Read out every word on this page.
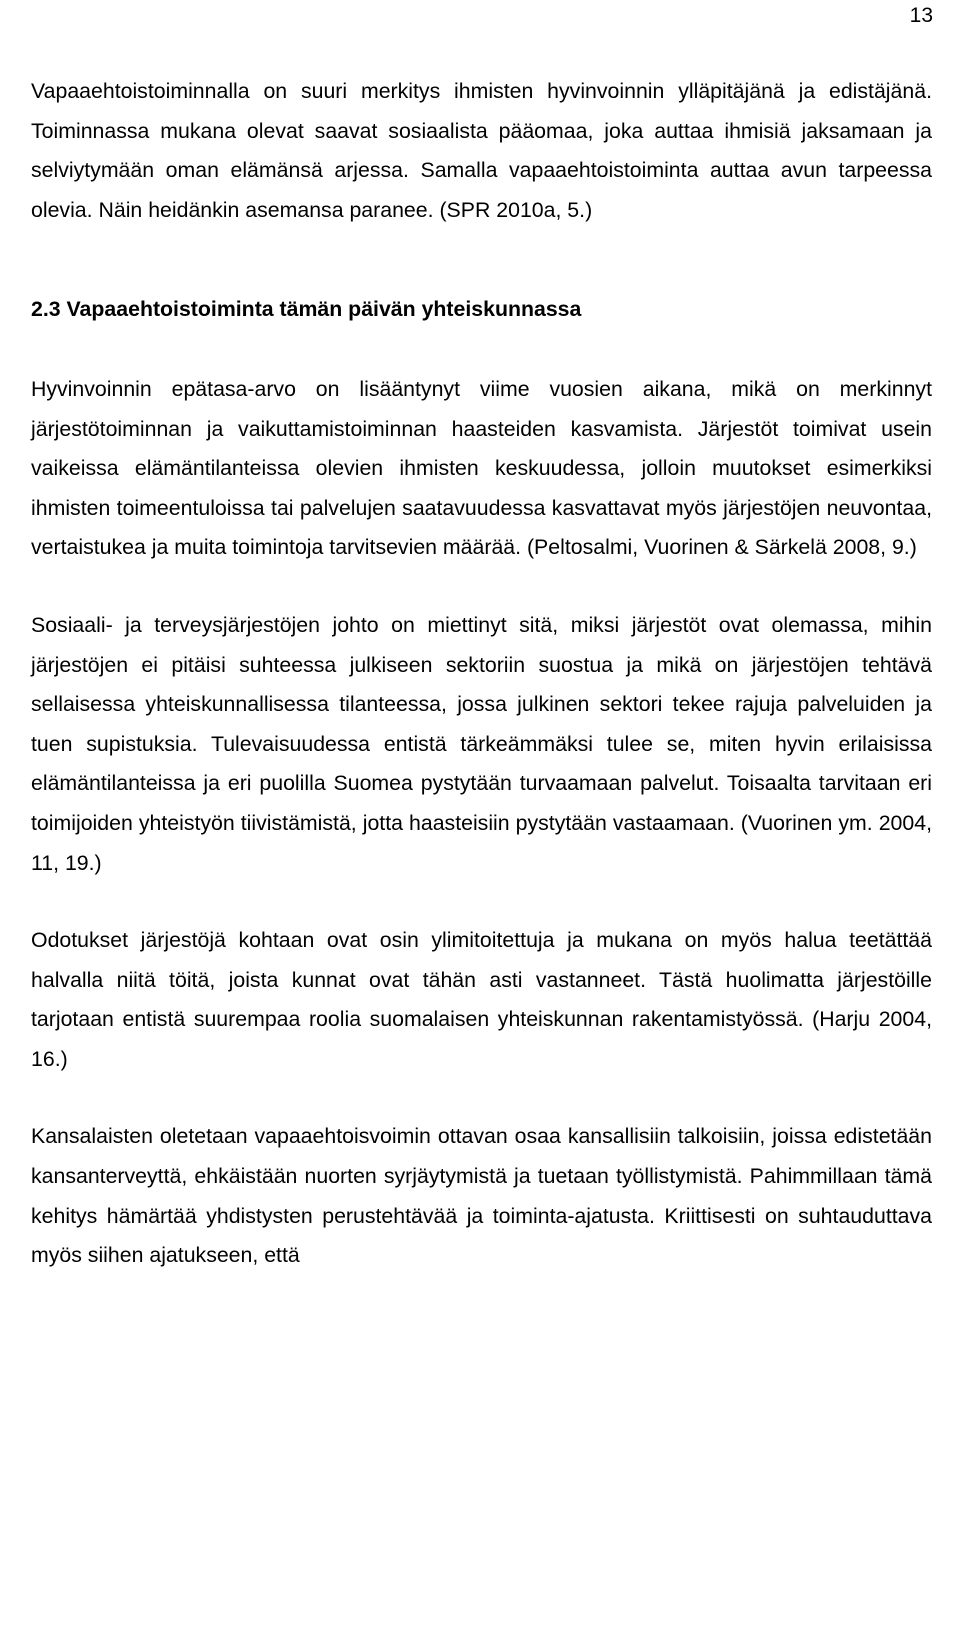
13

Vapaaehtoistoiminnalla on suuri merkitys ihmisten hyvinvoinnin ylläpitäjänä ja edistäjänä. Toiminnassa mukana olevat saavat sosiaalista pääomaa, joka auttaa ihmisiä jaksamaan ja selviytymään oman elämänsä arjessa. Samalla vapaaehtoistoiminta auttaa avun tarpeessa olevia. Näin heidänkin asemansa paranee. (SPR 2010a, 5.)

2.3 Vapaaehtoistoiminta tämän päivän yhteiskunnassa

Hyvinvoinnin epätasa-arvo on lisääntynyt viime vuosien aikana, mikä on merkinnyt järjestötoiminnan ja vaikuttamistoiminnan haasteiden kasvamista. Järjestöt toimivat usein vaikeissa elämäntilanteissa olevien ihmisten keskuudessa, jolloin muutokset esimerkiksi ihmisten toimeentuloissa tai palvelujen saatavuudessa kasvattavat myös järjestöjen neuvontaa, vertaistukea ja muita toimintoja tarvitsevien määrää. (Peltosalmi, Vuorinen & Särkelä 2008, 9.)

Sosiaali- ja terveysjärjestöjen johto on miettinyt sitä, miksi järjestöt ovat olemassa, mihin järjestöjen ei pitäisi suhteessa julkiseen sektoriin suostua ja mikä on järjestöjen tehtävä sellaisessa yhteiskunnallisessa tilanteessa, jossa julkinen sektori tekee rajuja palveluiden ja tuen supistuksia. Tulevaisuudessa entistä tärkeämmäksi tulee se, miten hyvin erilaisissa elämäntilanteissa ja eri puolilla Suomea pystytään turvaamaan palvelut. Toisaalta tarvitaan eri toimijoiden yhteistyön tiivistämistä, jotta haasteisiin pystytään vastaamaan. (Vuorinen ym. 2004, 11, 19.)

Odotukset järjestöjä kohtaan ovat osin ylimitoitettuja ja mukana on myös halua teetättää halvalla niitä töitä, joista kunnat ovat tähän asti vastanneet. Tästä huolimatta järjestöille tarjotaan entistä suurempaa roolia suomalaisen yhteiskunnan rakentamistyössä. (Harju 2004, 16.)

Kansalaisten oletetaan vapaaehtoisvoimin ottavan osaa kansallisiin talkoisiin, joissa edistetään kansanterveyttä, ehkäistään nuorten syrjäytymistä ja tuetaan työllistymistä. Pahimmillaan tämä kehitys hämärtää yhdistysten perustehtävää ja toiminta-ajatusta. Kriittisesti on suhtauduttava myös siihen ajatukseen, että
